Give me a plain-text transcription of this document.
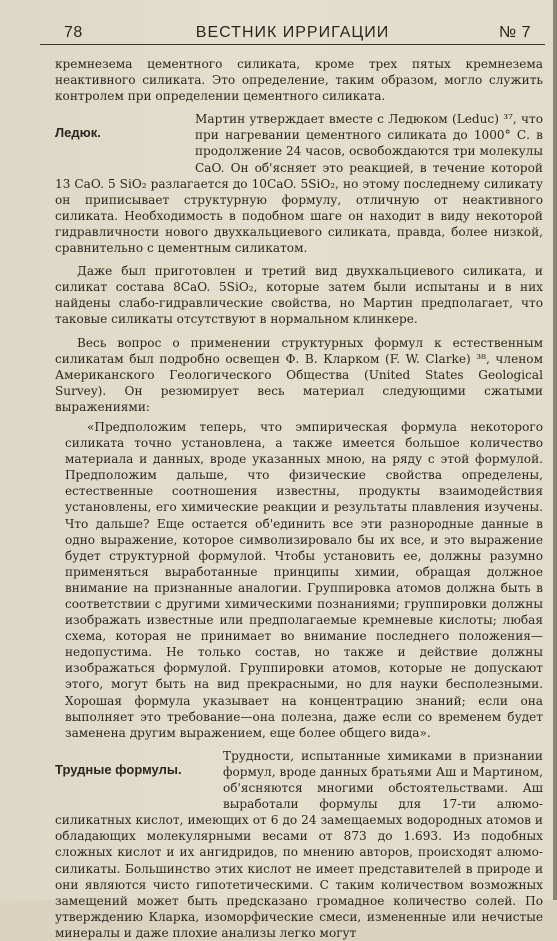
78	ВЕСТНИК ИРРИГАЦИИ	№ 7

кремнезема цементного силиката, кроме трех пятых кремнезема неактивного силиката. Это определение, таким образом, могло служить контролем при определении цементного силиката.

Ледюк.
Мартин утверждает вместе с Ледюком (Leduc) ³⁷, что при нагревании цементного силиката до 1000° С. в продолжение 24 часов, освобождаются три молекулы CaO. Он об'ясняет это реакцией, в течение которой 13 CaO. 5 SiO₂ разлагается до 10CaO. 5SiO₂, но этому последнему силикату он приписывает структурную формулу, отличную от неактивного силиката. Необходимость в подобном шаге он находит в виду некоторой гидравличности нового двухкальциевого силиката, правда, более низкой, сравнительно с цементным силикатом.

Даже был приготовлен и третий вид двухкальциевого силиката, и силикат состава 8CaO. 5SiO₂, которые затем были испытаны и в них найдены слабо-гидравлические свойства, но Мартин предполагает, что таковые силикаты отсутствуют в нормальном клинкере.

Весь вопрос о применении структурных формул к естественным силикатам был подробно освещен Ф. В. Кларком (F. W. Clarke) ³⁸, членом Американского Геологического Общества (United States Geological Survey). Он резюмирует весь материал следующими сжатыми выражениями:

«Предположим теперь, что эмпирическая формула некоторого силиката точно установлена, а также имеется большое количество материала и данных, вроде указанных мною, на ряду с этой формулой. Предположим дальше, что физические свойства определены, естественные соотношения известны, продукты взаимодействия установлены, его химические реакции и результаты плавления изучены. Что дальше? Еще остается об'единить все эти разнородные данные в одно выражение, которое символизировало бы их все, и это выражение будет структурной формулой. Чтобы установить ее, должны разумно применяться выработанные принципы химии, обращая должное внимание на признанные аналогии. Группировка атомов должна быть в соответствии с другими химическими познаниями; группировки должны изображать известные или предполагаемые кремневые кислоты; любая схема, которая не принимает во внимание последнего положения—недопустима. Не только состав, но также и действие должны изображаться формулой. Группировки атомов, которые не допускают этого, могут быть на вид прекрасными, но для науки бесполезными. Хорошая формула указывает на концентрацию знаний; если она выполняет это требование—она полезна, даже если со временем будет заменена другим выражением, еще более общего вида».

Трудные формулы.
Трудности, испытанные химиками в признании формул, вроде данных братьями Аш и Мартином, об'ясняются многими обстоятельствами. Аш выработали формулы для 17-ти алюмо-силикатных кислот, имеющих от 6 до 24 замещаемых водородных атомов и обладающих молекулярными весами от 873 до 1.693. Из подобных сложных кислот и их ангидридов, по мнению авторов, происходят алюмо-силикаты. Большинство этих кислот не имеет представителей в природе и они являются чисто гипотетическими. С таким количеством возможных замещений может быть предсказано громадное количество солей. По утверждению Кларка, изоморфические смеси, измененные или нечистые минералы и даже плохие анализы легко могут
